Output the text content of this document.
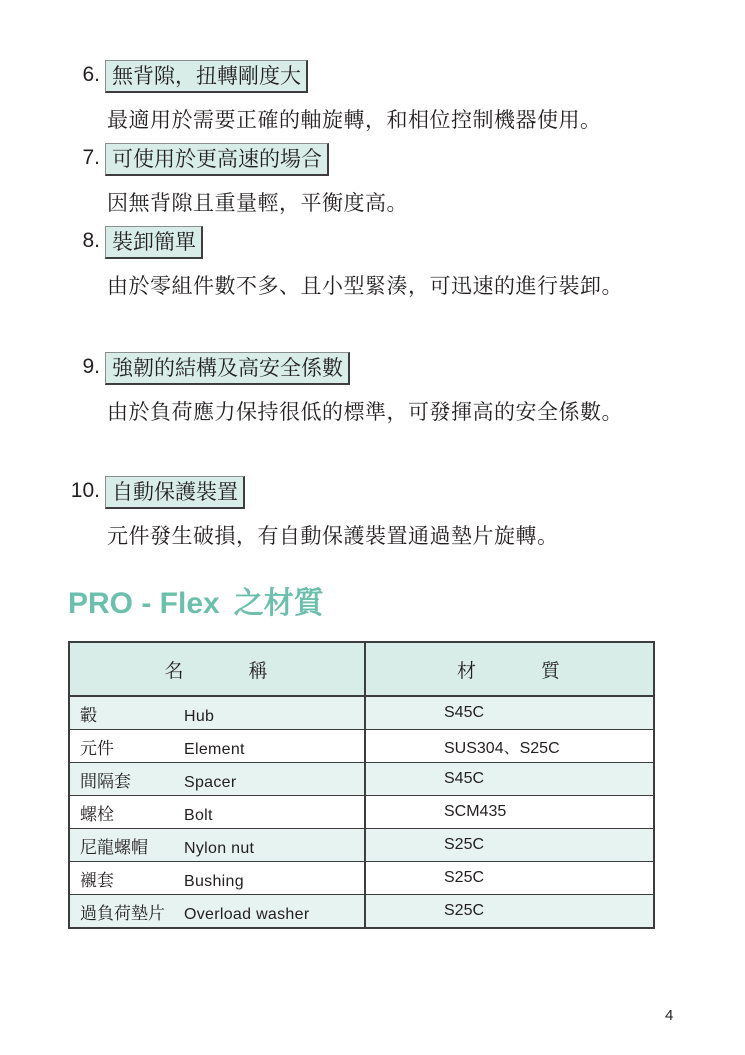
6. 無背隙，扭轉剛度大
最適用於需要正確的軸旋轉，和相位控制機器使用。
7. 可使用於更高速的場合
因無背隙且重量輕，平衡度高。
8. 裝卸簡單
由於零組件數不多、且小型緊湊，可迅速的進行裝卸。
9. 強韌的結構及高安全係數
由於負荷應力保持很低的標準，可發揮高的安全係數。
10. 自動保護裝置
元件發生破損，有自動保護裝置通過墊片旋轉。
PRO - Flex 之材質
名　　　稱	材　　　質
轂 Hub	S45C
元件 Element	SUS304、S25C
間隔套 Spacer	S45C
螺栓 Bolt	SCM435
尼龍螺帽 Nylon nut	S25C
襯套 Bushing	S25C
過負荷墊片 Overload washer	S25C
4
